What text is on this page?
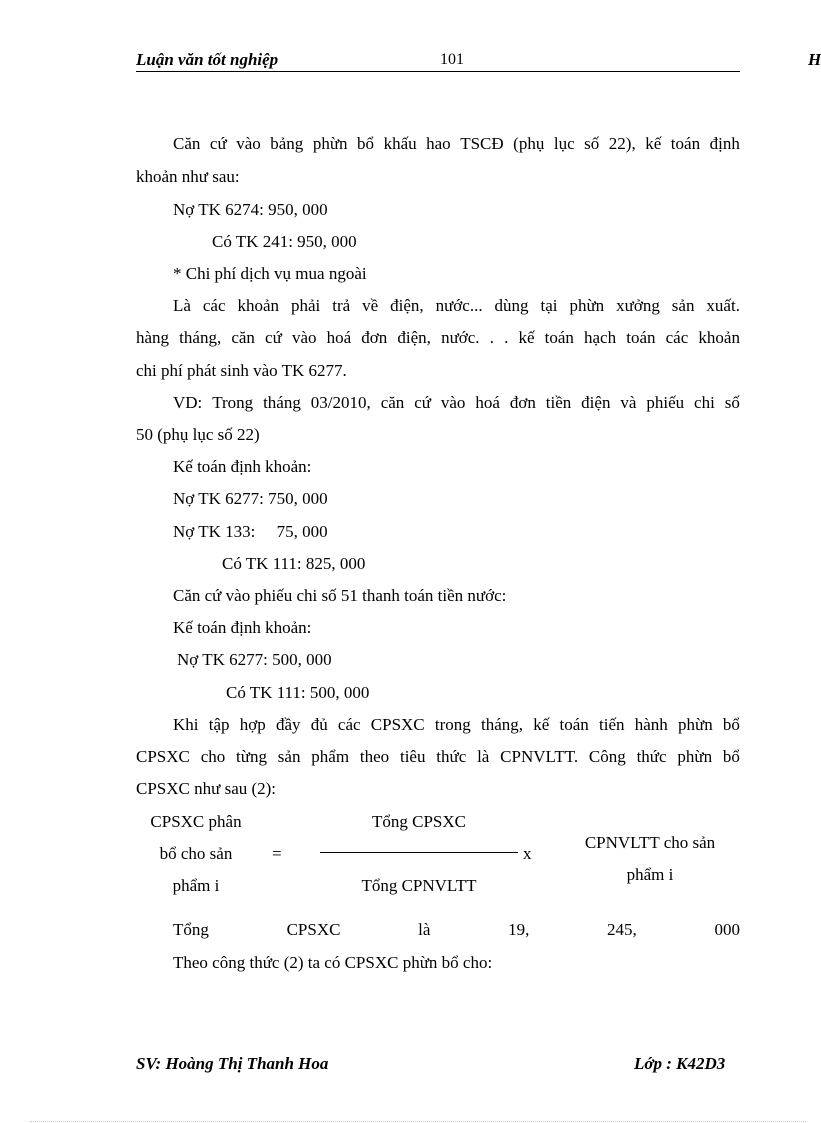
Luận văn tốt nghiệp	101	H
Căn cứ vào bảng phừn bổ khấu hao TSCĐ (phụ lục số 22), kế toán định
khoản như sau:
Nợ TK 6274: 950, 000
Có TK 241: 950, 000
* Chi phí dịch vụ mua ngoài
Là các khoản phải trả về điện, nước... dùng tại phừn xưởng sản xuất.
hàng tháng, căn cứ vào hoá đơn điện, nước. . . kế toán hạch toán các khoản
chi phí phát sinh vào TK 6277.
VD: Trong tháng 03/2010, căn cứ vào hoá đơn tiền điện và phiếu chi số
50 (phụ lục số 22)
Kế toán định khoản:
Nợ TK 6277: 750, 000
Nợ TK 133:     75, 000
Có TK 111: 825, 000
Căn cứ vào phiếu chi số 51 thanh toán tiền nước:
Kế toán định khoản:
Nợ TK 6277: 500, 000
Có TK 111: 500, 000
Khi tập hợp đầy đủ các CPSXC trong tháng, kế toán tiến hành phừn bổ
CPSXC cho từng sản phẩm theo tiêu thức là CPNVLTT. Công thức phừn bổ
CPSXC như sau (2):
CPSXC phân
bổ cho sản
phẩm i
=
Tổng CPSXC
Tổng CPNVLTT
x
CPNVLTT cho sản
phẩm i
Tổng	CPSXC	là	19,	245,	000
Theo công thức (2) ta có CPSXC phừn bổ cho:
SV: Hoàng Thị Thanh Hoa	Lớp : K42D3
